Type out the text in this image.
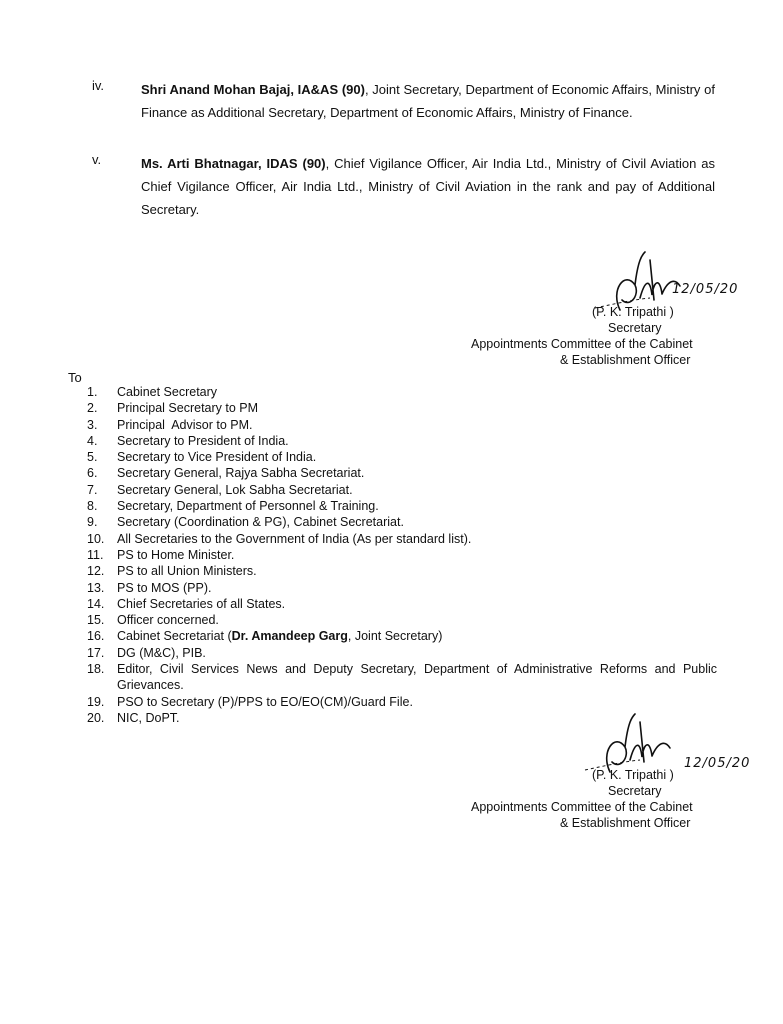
iv.	Shri Anand Mohan Bajaj, IA&AS (90), Joint Secretary, Department of Economic Affairs, Ministry of Finance as Additional Secretary, Department of Economic Affairs, Ministry of Finance.
v.	Ms. Arti Bhatnagar, IDAS (90), Chief Vigilance Officer, Air India Ltd., Ministry of Civil Aviation as Chief Vigilance Officer, Air India Ltd., Ministry of Civil Aviation in the rank and pay of Additional Secretary.
12/05/20
(P. K. Tripathi )
Secretary
Appointments Committee of the Cabinet
& Establishment Officer
To
1.	Cabinet Secretary
2.	Principal Secretary to PM
3.	Principal  Advisor to PM.
4.	Secretary to President of India.
5.	Secretary to Vice President of India.
6.	Secretary General, Rajya Sabha Secretariat.
7.	Secretary General, Lok Sabha Secretariat.
8.	Secretary, Department of Personnel & Training.
9.	Secretary (Coordination & PG), Cabinet Secretariat.
10.	All Secretaries to the Government of India (As per standard list).
11.	PS to Home Minister.
12.	PS to all Union Ministers.
13.	PS to MOS (PP).
14.	Chief Secretaries of all States.
15.	Officer concerned.
16.	Cabinet Secretariat (Dr. Amandeep Garg, Joint Secretary)
17.	DG (M&C), PIB.
18.	Editor, Civil Services News and Deputy Secretary, Department of Administrative Reforms and Public Grievances.
19.	PSO to Secretary (P)/PPS to EO/EO(CM)/Guard File.
20.	NIC, DoPT.
12/05/20
(P. K. Tripathi )
Secretary
Appointments Committee of the Cabinet
& Establishment Officer
